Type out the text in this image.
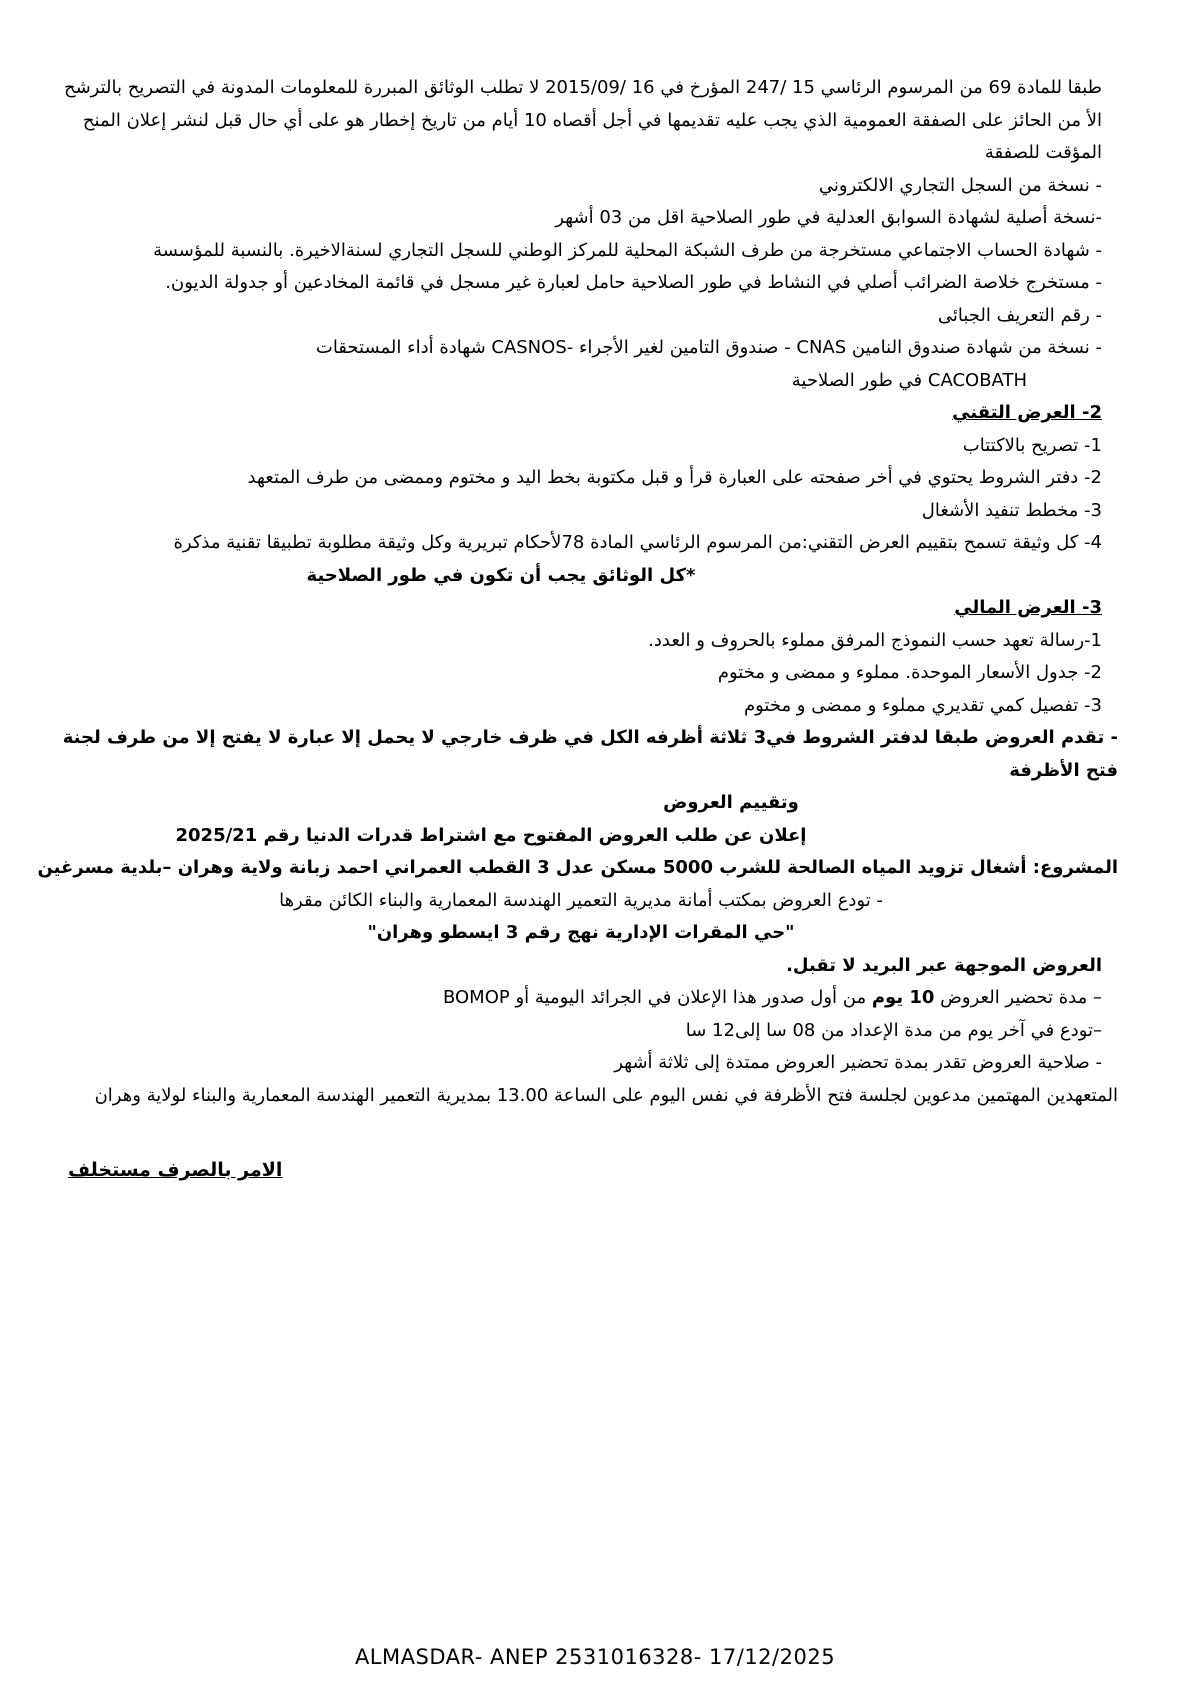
طبقا للمادة 69 من المرسوم الرئاسي 15 /247 المؤرخ في 16 /2015/09 لا تطلب الوثائق المبررة للمعلومات المدونة في التصريح بالترشح الأ من الحائز على الصفقة العمومية الذي يجب عليه تقديمها في أجل أقصاه 10 أيام من تاريخ إخطار هو على أي حال قبل لنشر إعلان المنح المؤقت للصفقة
- نسخة من السجل التجاري الالكتروني
-نسخة أصلية لشهادة السوابق العدلية في طور الصلاحية اقل من 03 أشهر
- شهادة الحساب الاجتماعي مستخرجة من طرف الشبكة المحلية للمركز الوطني للسجل التجاري لسنةالاخيرة. بالنسبة للمؤسسة
- مستخرج خلاصة الضرائب أصلي في النشاط في طور الصلاحية حامل لعبارة غير مسجل في قائمة المخادعين أو جدولة الديون.
- رقم التعريف الجبائى
- نسخة من شهادة صندوق النامين CNAS - صندوق التامين لغير الأجراء -CASNOS شهادة أداء المستحقات
CACOBATH في طور الصلاحية
2- العرض التقني
1- تصريح بالاكتتاب
2- دفتر الشروط يحتوي في أخر صفحته على العبارة قرأ و قبل مكتوبة بخط اليد و مختوم وممضى من طرف المتعهد
3- مخطط تنفيد الأشغال
4- كل وثيقة تسمح بتقييم العرض التقني:من المرسوم الرئاسي المادة 78لأحكام تبريرية وكل وثيقة مطلوبة تطبيقا تقنية مذكرة
*كل الوثائق يجب أن تكون في طور الصلاحية
3- العرض المالي
1-رسالة تعهد حسب النموذج المرفق مملوء بالحروف و العدد.
2- جدول الأسعار الموحدة. مملوء و ممضى و مختوم
3- تفصيل كمي تقديري مملوء و ممضى و مختوم
- تقدم العروض طبقا لدفتر الشروط في3 ثلاثة أظرفه الكل في ظرف خارجي لا يحمل إلا عبارة لا يفتح إلا من طرف لجنة فتح الأظرفة
وتقييم العروض
إعلان عن طلب العروض المفتوح مع اشتراط قدرات الدنيا رقم 2025/21
المشروع: أشغال تزويد المياه الصالحة للشرب 5000 مسكن عدل 3 القطب العمراني احمد زبانة ولاية وهران –بلدية مسرغين
- تودع العروض بمكتب أمانة مديرية التعمير الهندسة المعمارية والبناء الكائن مقرها
"حي المقرات الإدارية نهج رقم 3 ايسطو وهران"
العروض الموجهة عبر البريد لا تقبل.
– مدة تحضير العروض 10 يوم من أول صدور هذا الإعلان في الجرائد اليومية أو BOMOP
–تودع في آخر يوم من مدة الإعداد من 08 سا إلى12 سا
- صلاحية العروض تقدر بمدة تحضير العروض ممتدة إلى ثلاثة أشهر
المتعهدين المهتمين مدعوين لجلسة فتح الأظرفة في نفس اليوم على الساعة 13.00 بمديرية التعمير الهندسة المعمارية والبناء لولاية وهران
الامر بالصرف مستخلف
ALMASDAR- ANEP 2531016328- 17/12/2025
